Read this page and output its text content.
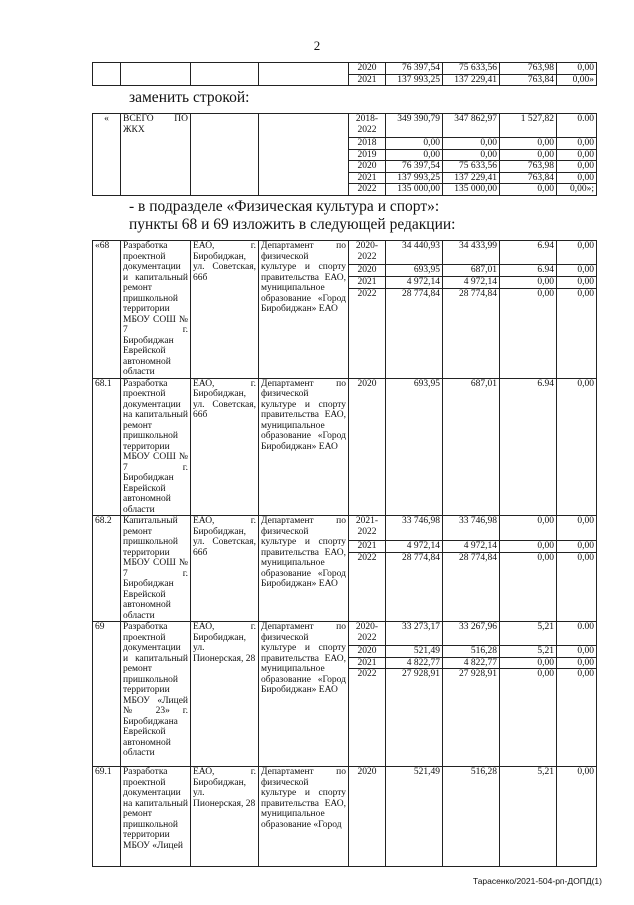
2
				2020	76 397,54	75 633,56	763,98	0,00
				2021	137 993,25	137 229,41	763,84	0,00»
заменить строкой:
«	ВСЕГО ПО ЖКХ			2018-2022	349 390,79	347 862,97	1 527,82	0.00
				2018	0,00	0,00	0,00	0,00
				2019	0,00	0,00	0,00	0,00
				2020	76 397,54	75 633,56	763,98	0,00
				2021	137 993,25	137 229,41	763,84	0,00
				2022	135 000,00	135 000,00	0,00	0,00»;
- в подразделе «Физическая культура и спорт»:
пункты 68 и 69 изложить в следующей редакции:
«68	Разработка проектной документации и капитальный ремонт пришкольной территории МБОУ СОШ № 7 г. Биробиджан Еврейской автономной области	ЕАО, г. Биробиджан, ул. Советская, 66б	Департамент по физической культуре и спорту правительства ЕАО, муниципальное образование «Город Биробиджан» ЕАО	2020-2022	34 440,93	34 433,99	6.94	0,00
				2020	693,95	687,01	6.94	0,00
				2021	4 972,14	4 972,14	0,00	0,00
				2022	28 774,84	28 774,84	0,00	0,00
68.1	Разработка проектной документации на капитальный ремонт пришкольной территории МБОУ СОШ № 7 г. Биробиджан Еврейской автономной области	ЕАО, г. Биробиджан, ул. Советская, 66б	Департамент по физической культуре и спорту правительства ЕАО, муниципальное образование «Город Биробиджан» ЕАО	2020	693,95	687,01	6.94	0,00
68.2	Капитальный ремонт пришкольной территории МБОУ СОШ № 7 г. Биробиджан Еврейской автономной области	ЕАО, г. Биробиджан, ул. Советская, 66б	Департамент по физической культуре и спорту правительства ЕАО, муниципальное образование «Город Биробиджан» ЕАО	2021-2022	33 746,98	33 746,98	0,00	0,00
				2021	4 972,14	4 972,14	0,00	0,00
				2022	28 774,84	28 774,84	0,00	0,00
69	Разработка проектной документации и капитальный ремонт пришкольной территории МБОУ «Лицей № 23» г. Биробиджана Еврейской автономной области	ЕАО, г. Биробиджан, ул. Пионерская, 28	Департамент по физической культуре и спорту правительства ЕАО, муниципальное образование «Город Биробиджан» ЕАО	2020-2022	33 273,17	33 267,96	5,21	0.00
				2020	521,49	516,28	5,21	0,00
				2021	4 822,77	4 822,77	0,00	0,00
				2022	27 928,91	27 928,91	0,00	0,00
69.1	Разработка проектной документации на капитальный ремонт пришкольной территории МБОУ «Лицей	ЕАО, г. Биробиджан, ул. Пионерская, 28	Департамент по физической культуре и спорту правительства ЕАО, муниципальное образование «Город	2020	521,49	516,28	5,21	0,00
Тарасенко/2021-504-рп-ДОПД(1)
